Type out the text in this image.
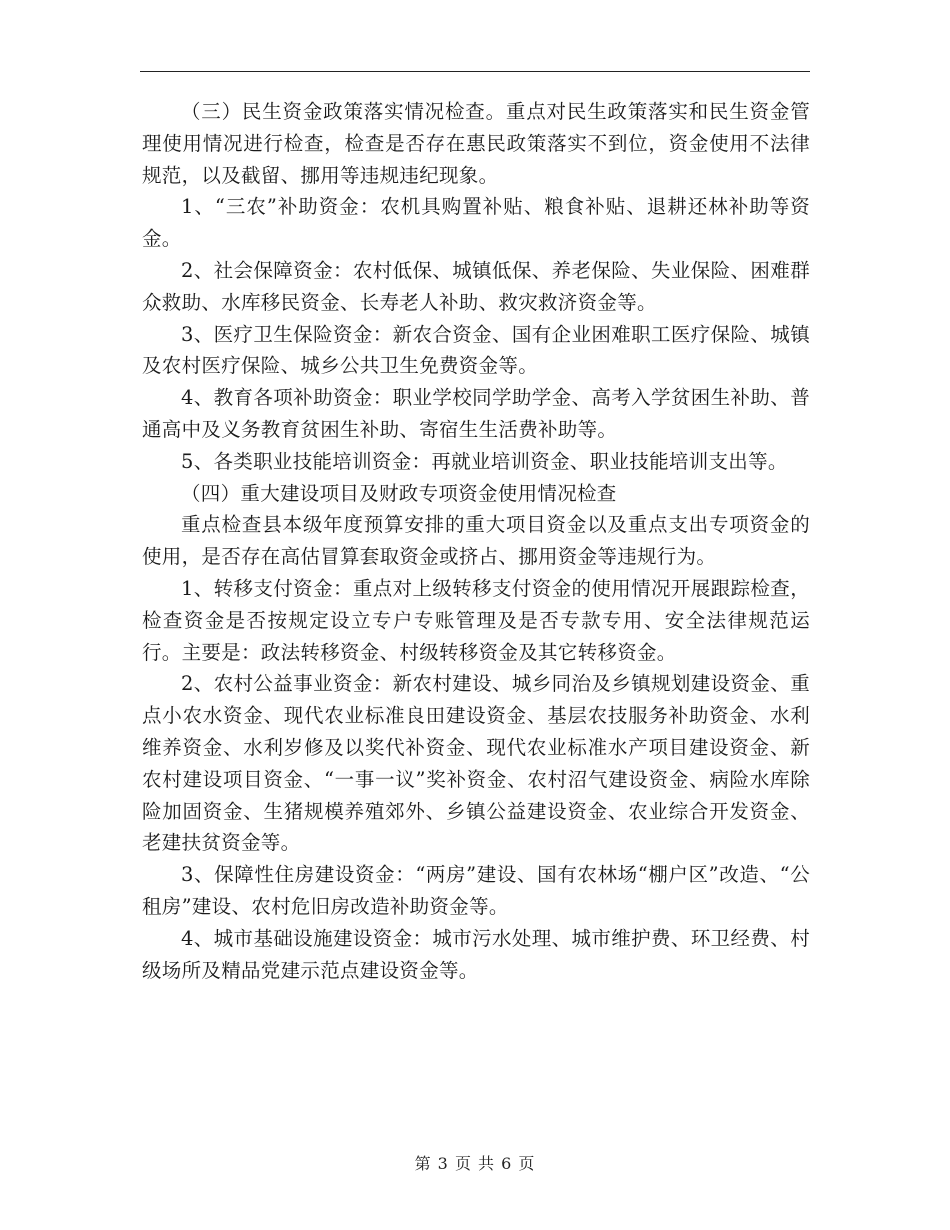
（三）民生资金政策落实情况检查。重点对民生政策落实和民生资金管理使用情况进行检查，检查是否存在惠民政策落实不到位，资金使用不法律规范，以及截留、挪用等违规违纪现象。

1、“三农”补助资金：农机具购置补贴、粮食补贴、退耕还林补助等资金。

2、社会保障资金：农村低保、城镇低保、养老保险、失业保险、困难群众救助、水库移民资金、长寿老人补助、救灾救济资金等。

3、医疗卫生保险资金：新农合资金、国有企业困难职工医疗保险、城镇及农村医疗保险、城乡公共卫生免费资金等。

4、教育各项补助资金：职业学校同学助学金、高考入学贫困生补助、普通高中及义务教育贫困生补助、寄宿生生活费补助等。

5、各类职业技能培训资金：再就业培训资金、职业技能培训支出等。

（四）重大建设项目及财政专项资金使用情况检查

重点检查县本级年度预算安排的重大项目资金以及重点支出专项资金的使用，是否存在高估冒算套取资金或挤占、挪用资金等违规行为。

1、转移支付资金：重点对上级转移支付资金的使用情况开展跟踪检查，检查资金是否按规定设立专户专账管理及是否专款专用、安全法律规范运行。主要是：政法转移资金、村级转移资金及其它转移资金。

2、农村公益事业资金：新农村建设、城乡同治及乡镇规划建设资金、重点小农水资金、现代农业标准良田建设资金、基层农技服务补助资金、水利维养资金、水利岁修及以奖代补资金、现代农业标准水产项目建设资金、新农村建设项目资金、“一事一议”奖补资金、农村沼气建设资金、病险水库除险加固资金、生猪规模养殖郊外、乡镇公益建设资金、农业综合开发资金、老建扶贫资金等。

3、保障性住房建设资金：“两房”建设、国有农林场“棚户区”改造、“公租房”建设、农村危旧房改造补助资金等。

4、城市基础设施建设资金：城市污水处理、城市维护费、环卫经费、村级场所及精品党建示范点建设资金等。

第 3 页 共 6 页
